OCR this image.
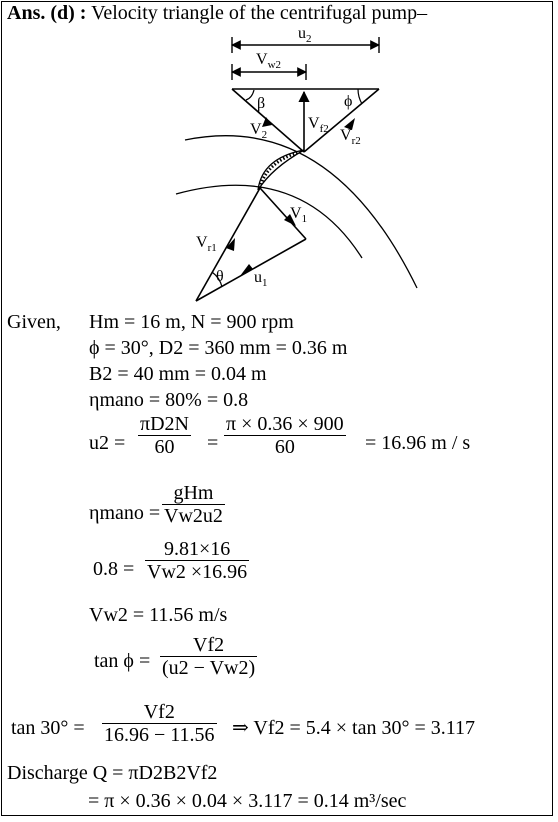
Ans. (d) : Velocity triangle of the centrifugal pump–
$u_2$
$V_{w2}$
β	ϕ
$V_2$
$V_{f2}$ $V_{r2}$
$V_1$
$V_{r1}$
θ $u_1$
Given, Hm = 16 m, N = 900 rpm
ϕ = 30°, D2 = 360 mm = 0.36 m
B2 = 40 mm = 0.04 m
ηmano = 80% = 0.8
$u2 = \frac{\pi D2N}{60} = \frac{\pi \times 0.36 \times 900}{60} = 16.96$ m / s
ηmano =
gHm
Vw2u2
$0.8 = \frac{9.81\times 16}{Vw2 \times 16.96}$
Vw2 = 11.56 m/s
$\tan \phi = \frac{Vf2}{(u2 - Vw2)}$
$\tan 30^\circ = \frac{Vf2}{16.96 - 11.56}$ ⇒ Vf2 = 5.4 × tan 30° = 3.117
Discharge Q = πD2B2Vf2
= π × 0.36 × 0.04 × 3.117 = 0.14 m³/sec
